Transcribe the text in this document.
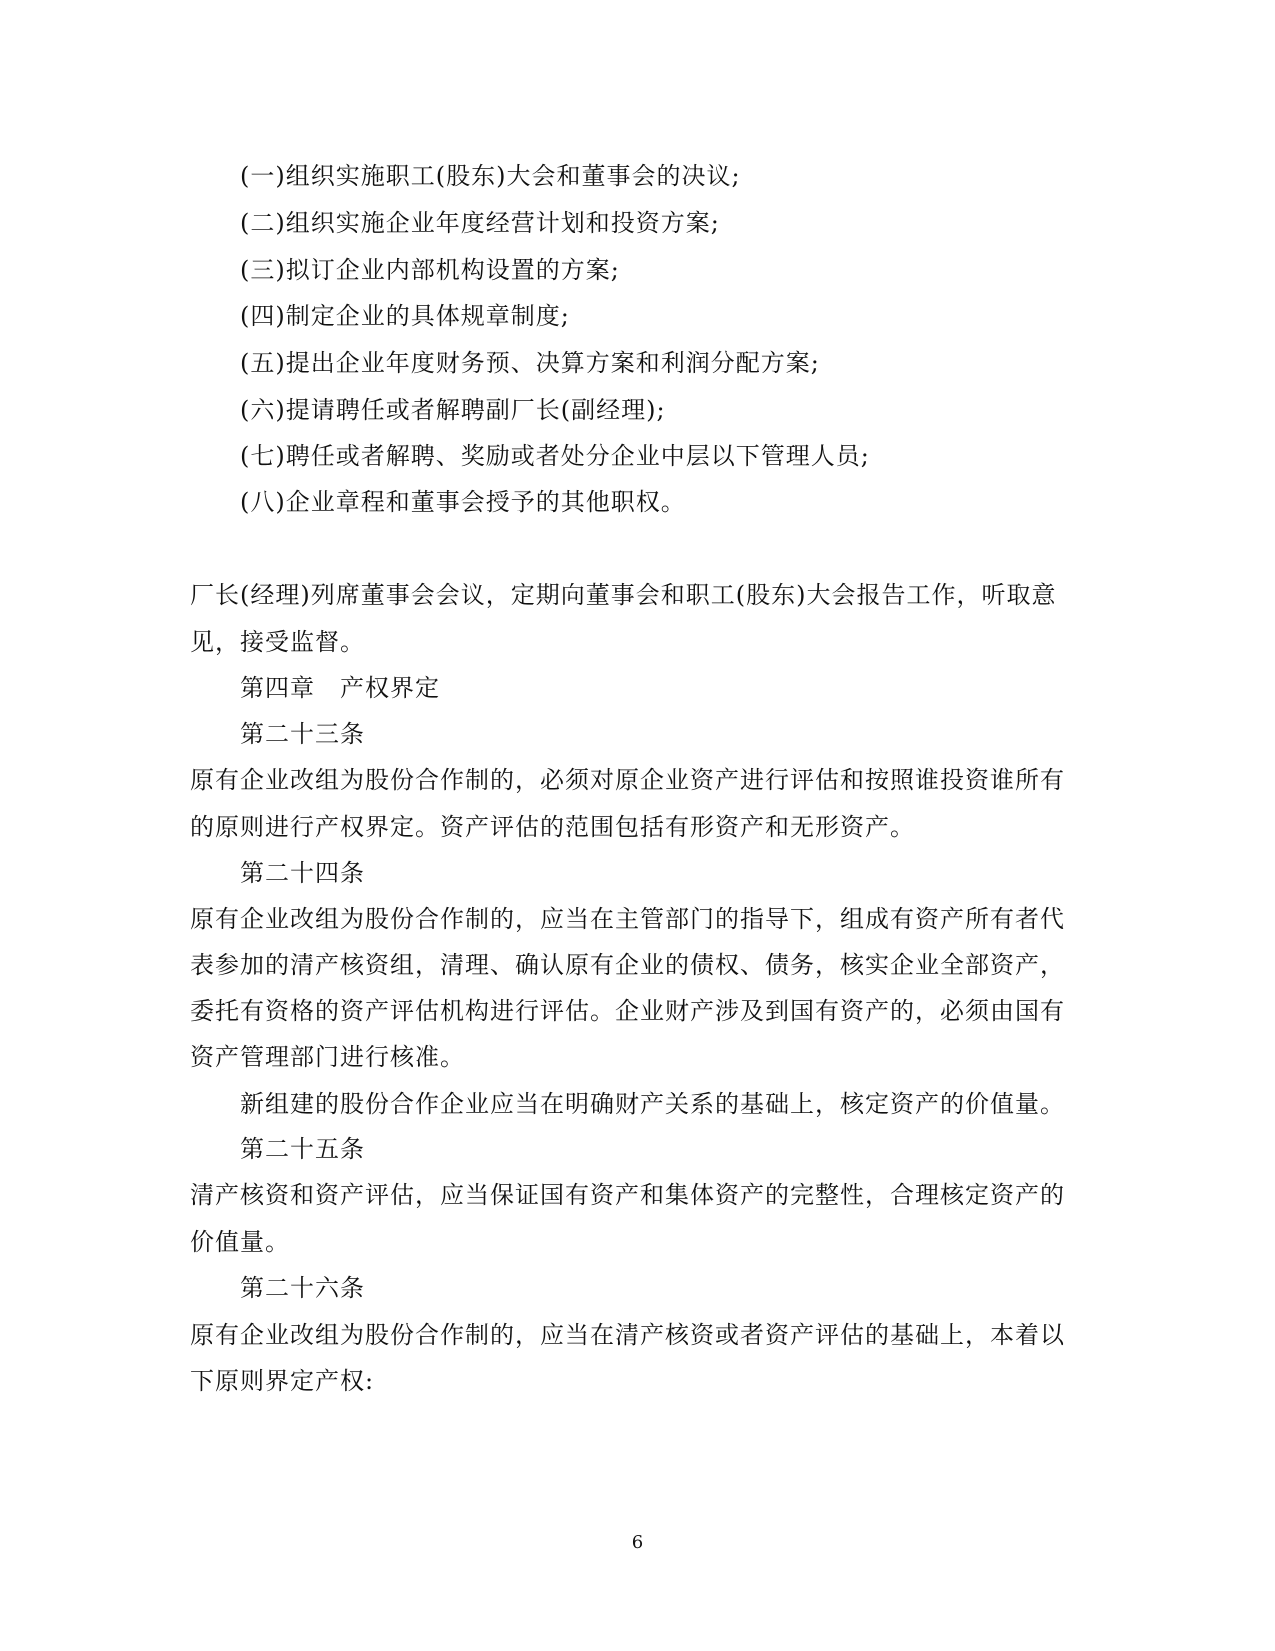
(一)组织实施职工(股东)大会和董事会的决议;
(二)组织实施企业年度经营计划和投资方案;
(三)拟订企业内部机构设置的方案;
(四)制定企业的具体规章制度;
(五)提出企业年度财务预、决算方案和利润分配方案;
(六)提请聘任或者解聘副厂长(副经理);
(七)聘任或者解聘、奖励或者处分企业中层以下管理人员;
(八)企业章程和董事会授予的其他职权。
厂长(经理)列席董事会会议，定期向董事会和职工(股东)大会报告工作，听取意
见，接受监督。
第四章　产权界定
第二十三条
原有企业改组为股份合作制的，必须对原企业资产进行评估和按照谁投资谁所有
的原则进行产权界定。资产评估的范围包括有形资产和无形资产。
第二十四条
原有企业改组为股份合作制的，应当在主管部门的指导下，组成有资产所有者代
表参加的清产核资组，清理、确认原有企业的债权、债务，核实企业全部资产，
委托有资格的资产评估机构进行评估。企业财产涉及到国有资产的，必须由国有
资产管理部门进行核准。
新组建的股份合作企业应当在明确财产关系的基础上，核定资产的价值量。
第二十五条
清产核资和资产评估，应当保证国有资产和集体资产的完整性，合理核定资产的
价值量。
第二十六条
原有企业改组为股份合作制的，应当在清产核资或者资产评估的基础上，本着以
下原则界定产权:
6
